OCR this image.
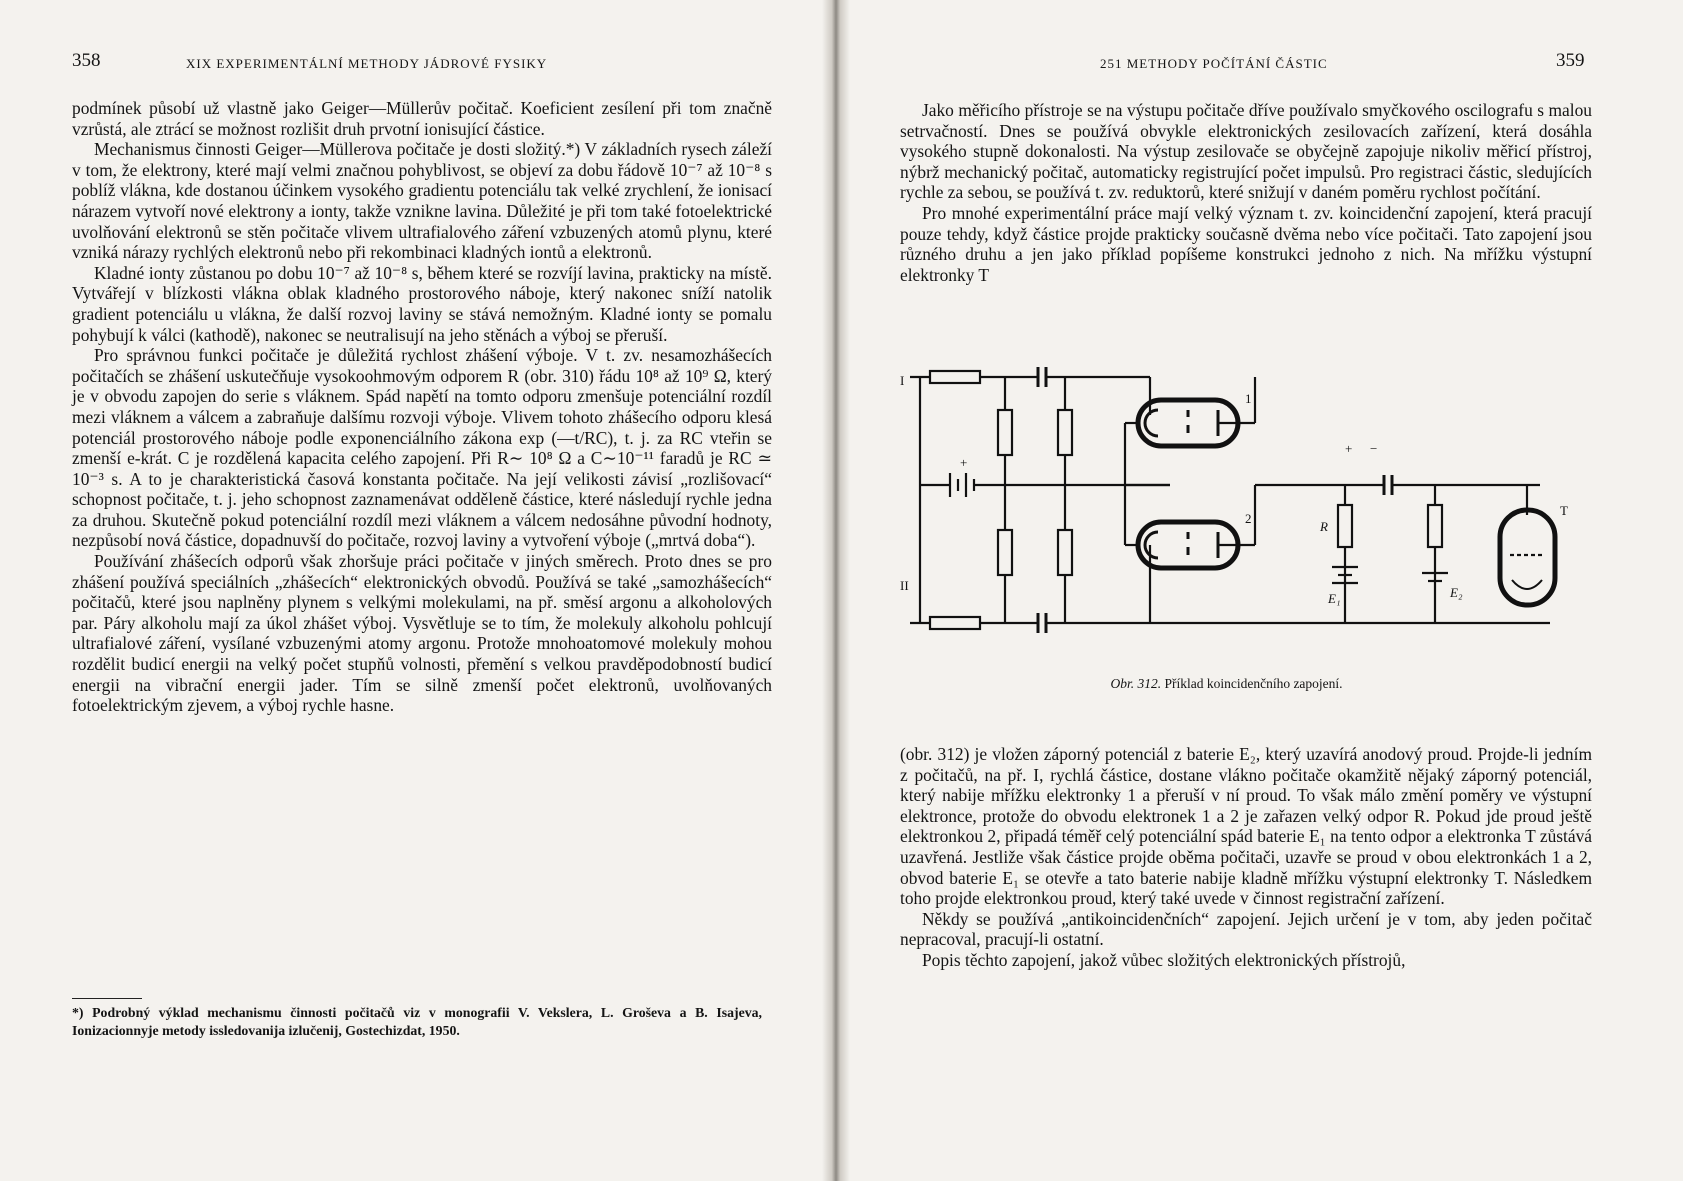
358	XIX EXPERIMENTÁLNÍ METHODY JÁDROVÉ FYSIKY

podmínek působí už vlastně jako Geiger—Müllerův počitač. Koeficient zesílení při tom značně vzrůstá, ale ztrácí se možnost rozlišit druh prvotní ionisující částice.

Mechanismus činnosti Geiger—Müllerova počitače je dosti složitý.*) V základních rysech záleží v tom, že elektrony, které mají velmi značnou pohyblivost, se objeví za dobu řádově 10⁻⁷ až 10⁻⁸ s poblíž vlákna, kde dostanou účinkem vysokého gradientu potenciálu tak velké zrychlení, že ionisací nárazem vytvoří nové elektrony a ionty, takže vznikne lavina. Důležité je při tom také fotoelektrické uvolňování elektronů se stěn počitače vlivem ultrafialového záření vzbuzených atomů plynu, které vzniká nárazy rychlých elektronů nebo při rekombinaci kladných iontů a elektronů.

Kladné ionty zůstanou po dobu 10⁻⁷ až 10⁻⁸ s, během které se rozvíjí lavina, prakticky na místě. Vytvářejí v blízkosti vlákna oblak kladného prostorového náboje, který nakonec sníží natolik gradient potenciálu u vlákna, že další rozvoj laviny se stává nemožným. Kladné ionty se pomalu pohybují k válci (kathodě), nakonec se neutralisují na jeho stěnách a výboj se přeruší.

Pro správnou funkci počitače je důležitá rychlost zhášení výboje. V t. zv. nesamozhášecích počitačích se zhášení uskutečňuje vysokoohmovým odporem R (obr. 310) řádu 10⁸ až 10⁹ Ω, který je v obvodu zapojen do serie s vláknem. Spád napětí na tomto odporu zmenšuje potenciální rozdíl mezi vláknem a válcem a zabraňuje dalšímu rozvoji výboje. Vlivem tohoto zhášecího odporu klesá potenciál prostorového náboje podle exponenciálního zákona exp (—t/RC), t. j. za RC vteřin se zmenší e-krát. C je rozdělená kapacita celého zapojení. Při R∼ 10⁸ Ω a C∼10⁻¹¹ faradů je RC ≃ 10⁻³ s. A to je charakteristická časová konstanta počitače. Na její velikosti závisí „rozlišovací“ schopnost počitače, t. j. jeho schopnost zaznamenávat odděleně částice, které následují rychle jedna za druhou. Skutečně pokud potenciální rozdíl mezi vláknem a válcem nedosáhne původní hodnoty, nezpůsobí nová částice, dopadnuvší do počitače, rozvoj laviny a vytvoření výboje („mrtvá doba“).

Používání zhášecích odporů však zhoršuje práci počitače v jiných směrech. Proto dnes se pro zhášení používá speciálních „zhášecích“ elektronických obvodů. Používá se také „samozhášecích“ počitačů, které jsou naplněny plynem s velkými molekulami, na př. směsí argonu a alkoholových par. Páry alkoholu mají za úkol zhášet výboj. Vysvětluje se to tím, že molekuly alkoholu pohlcují ultrafialové záření, vysílané vzbuzenými atomy argonu. Protože mnohoatomové molekuly mohou rozdělit budicí energii na velký počet stupňů volnosti, přemění s velkou pravděpodobností budicí energii na vibrační energii jader. Tím se silně zmenší počet elektronů, uvolňovaných fotoelektrickým zjevem, a výboj rychle hasne.

*) Podrobný výklad mechanismu činnosti počitačů viz v monografii V. Vekslera, L. Groševa a B. Isajeva, Ionizacionnyje metody issledovanija izlučenij, Gostechizdat, 1950.
251 METHODY POČÍTÁNÍ ČÁSTIC	359

Jako měřicího přístroje se na výstupu počitače dříve používalo smyčkového oscilografu s malou setrvačností. Dnes se používá obvykle elektronických zesilovacích zařízení, která dosáhla vysokého stupně dokonalosti. Na výstup zesilovače se obyčejně zapojuje nikoliv měřicí přístroj, nýbrž mechanický počitač, automaticky registrující počet impulsů. Pro registraci částic, sledujících rychle za sebou, se používá t. zv. reduktorů, které snižují v daném poměru rychlost počítání.

Pro mnohé experimentální práce mají velký význam t. zv. koincidenční zapojení, která pracují pouze tehdy, když částice projde prakticky současně dvěma nebo více počitači. Tato zapojení jsou různého druhu a jen jako příklad popíšeme konstrukci jednoho z nich. Na mřížku výstupní elektronky T

I
II
1
2
R
E₁	E₂
T
+
+ −
Obr. 312. Příklad koincidenčního zapojení.

(obr. 312) je vložen záporný potenciál z baterie E₂, který uzavírá anodový proud. Projde-li jedním z počitačů, na př. I, rychlá částice, dostane vlákno počitače okamžitě nějaký záporný potenciál, který nabije mřížku elektronky 1 a přeruší v ní proud. To však málo změní poměry ve výstupní elektronce, protože do obvodu elektronek 1 a 2 je zařazen velký odpor R. Pokud jde proud ještě elektronkou 2, připadá téměř celý potenciální spád baterie E₁ na tento odpor a elektronka T zůstává uzavřená. Jestliže však částice projde oběma počitači, uzavře se proud v obou elektronkách 1 a 2, obvod baterie E₁ se otevře a tato baterie nabije kladně mřížku výstupní elektronky T. Následkem toho projde elektronkou proud, který také uvede v činnost registrační zařízení.

Někdy se používá „antikoincidenčních“ zapojení. Jejich určení je v tom, aby jeden počitač nepracoval, pracují-li ostatní.

Popis těchto zapojení, jakož vůbec složitých elektronických přístrojů,
